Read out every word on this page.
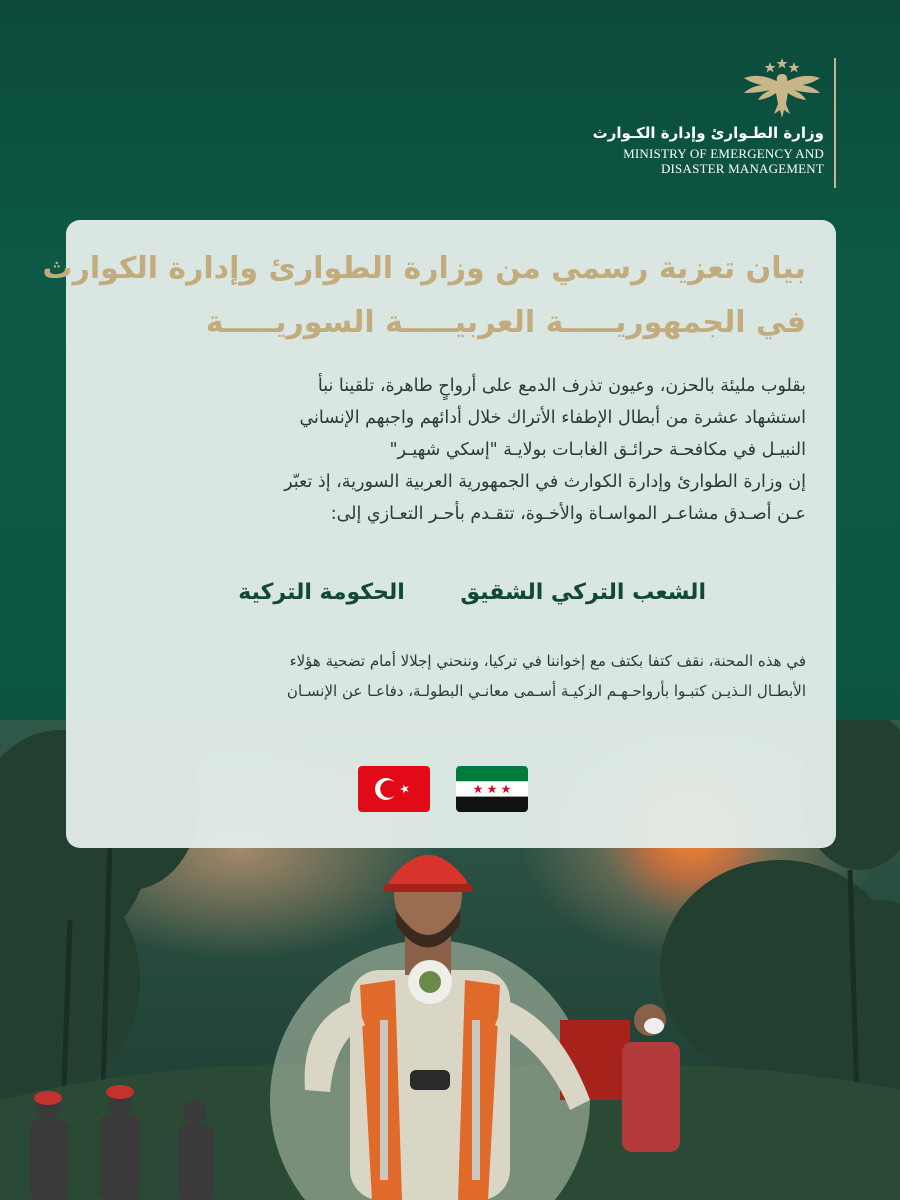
وزارة الطـوارئ وإدارة الكـوارث
MINISTRY OF EMERGENCY AND
DISASTER MANAGEMENT
بيان تعزية رسمي من وزارة الطوارئ وإدارة الكوارث
في الجمهوريـــــة العربيـــــة السوريـــــة
بقلوب مليئة بالحزن، وعيون تذرف الدمع على أرواحٍ طاهرة، تلقينا نبأ
استشهاد عشرة من أبطال الإطفاء الأتراك خلال أدائهم واجبهم الإنساني
النبيـل في مكافحـة حرائـق الغابـات بولايـة "إسكي شهيـر"
إن وزارة الطوارئ وإدارة الكوارث في الجمهورية العربية السورية، إذ تعبّر
عـن أصـدق مشاعـر المواسـاة والأخـوة، تتقـدم بأحـر التعـازي إلى:
الشعب التركي الشقيق الحكومة التركية
في هذه المحنة، نقف كتفا بكتف مع إخواننا في تركيا، وننحني إجلالا أمام تضحية هؤلاء
الأبطـال الـذيـن كتبـوا بأرواحـهـم الزكيـة أسـمى معانـي البطولـة، دفاعـا عن الإنسـان
